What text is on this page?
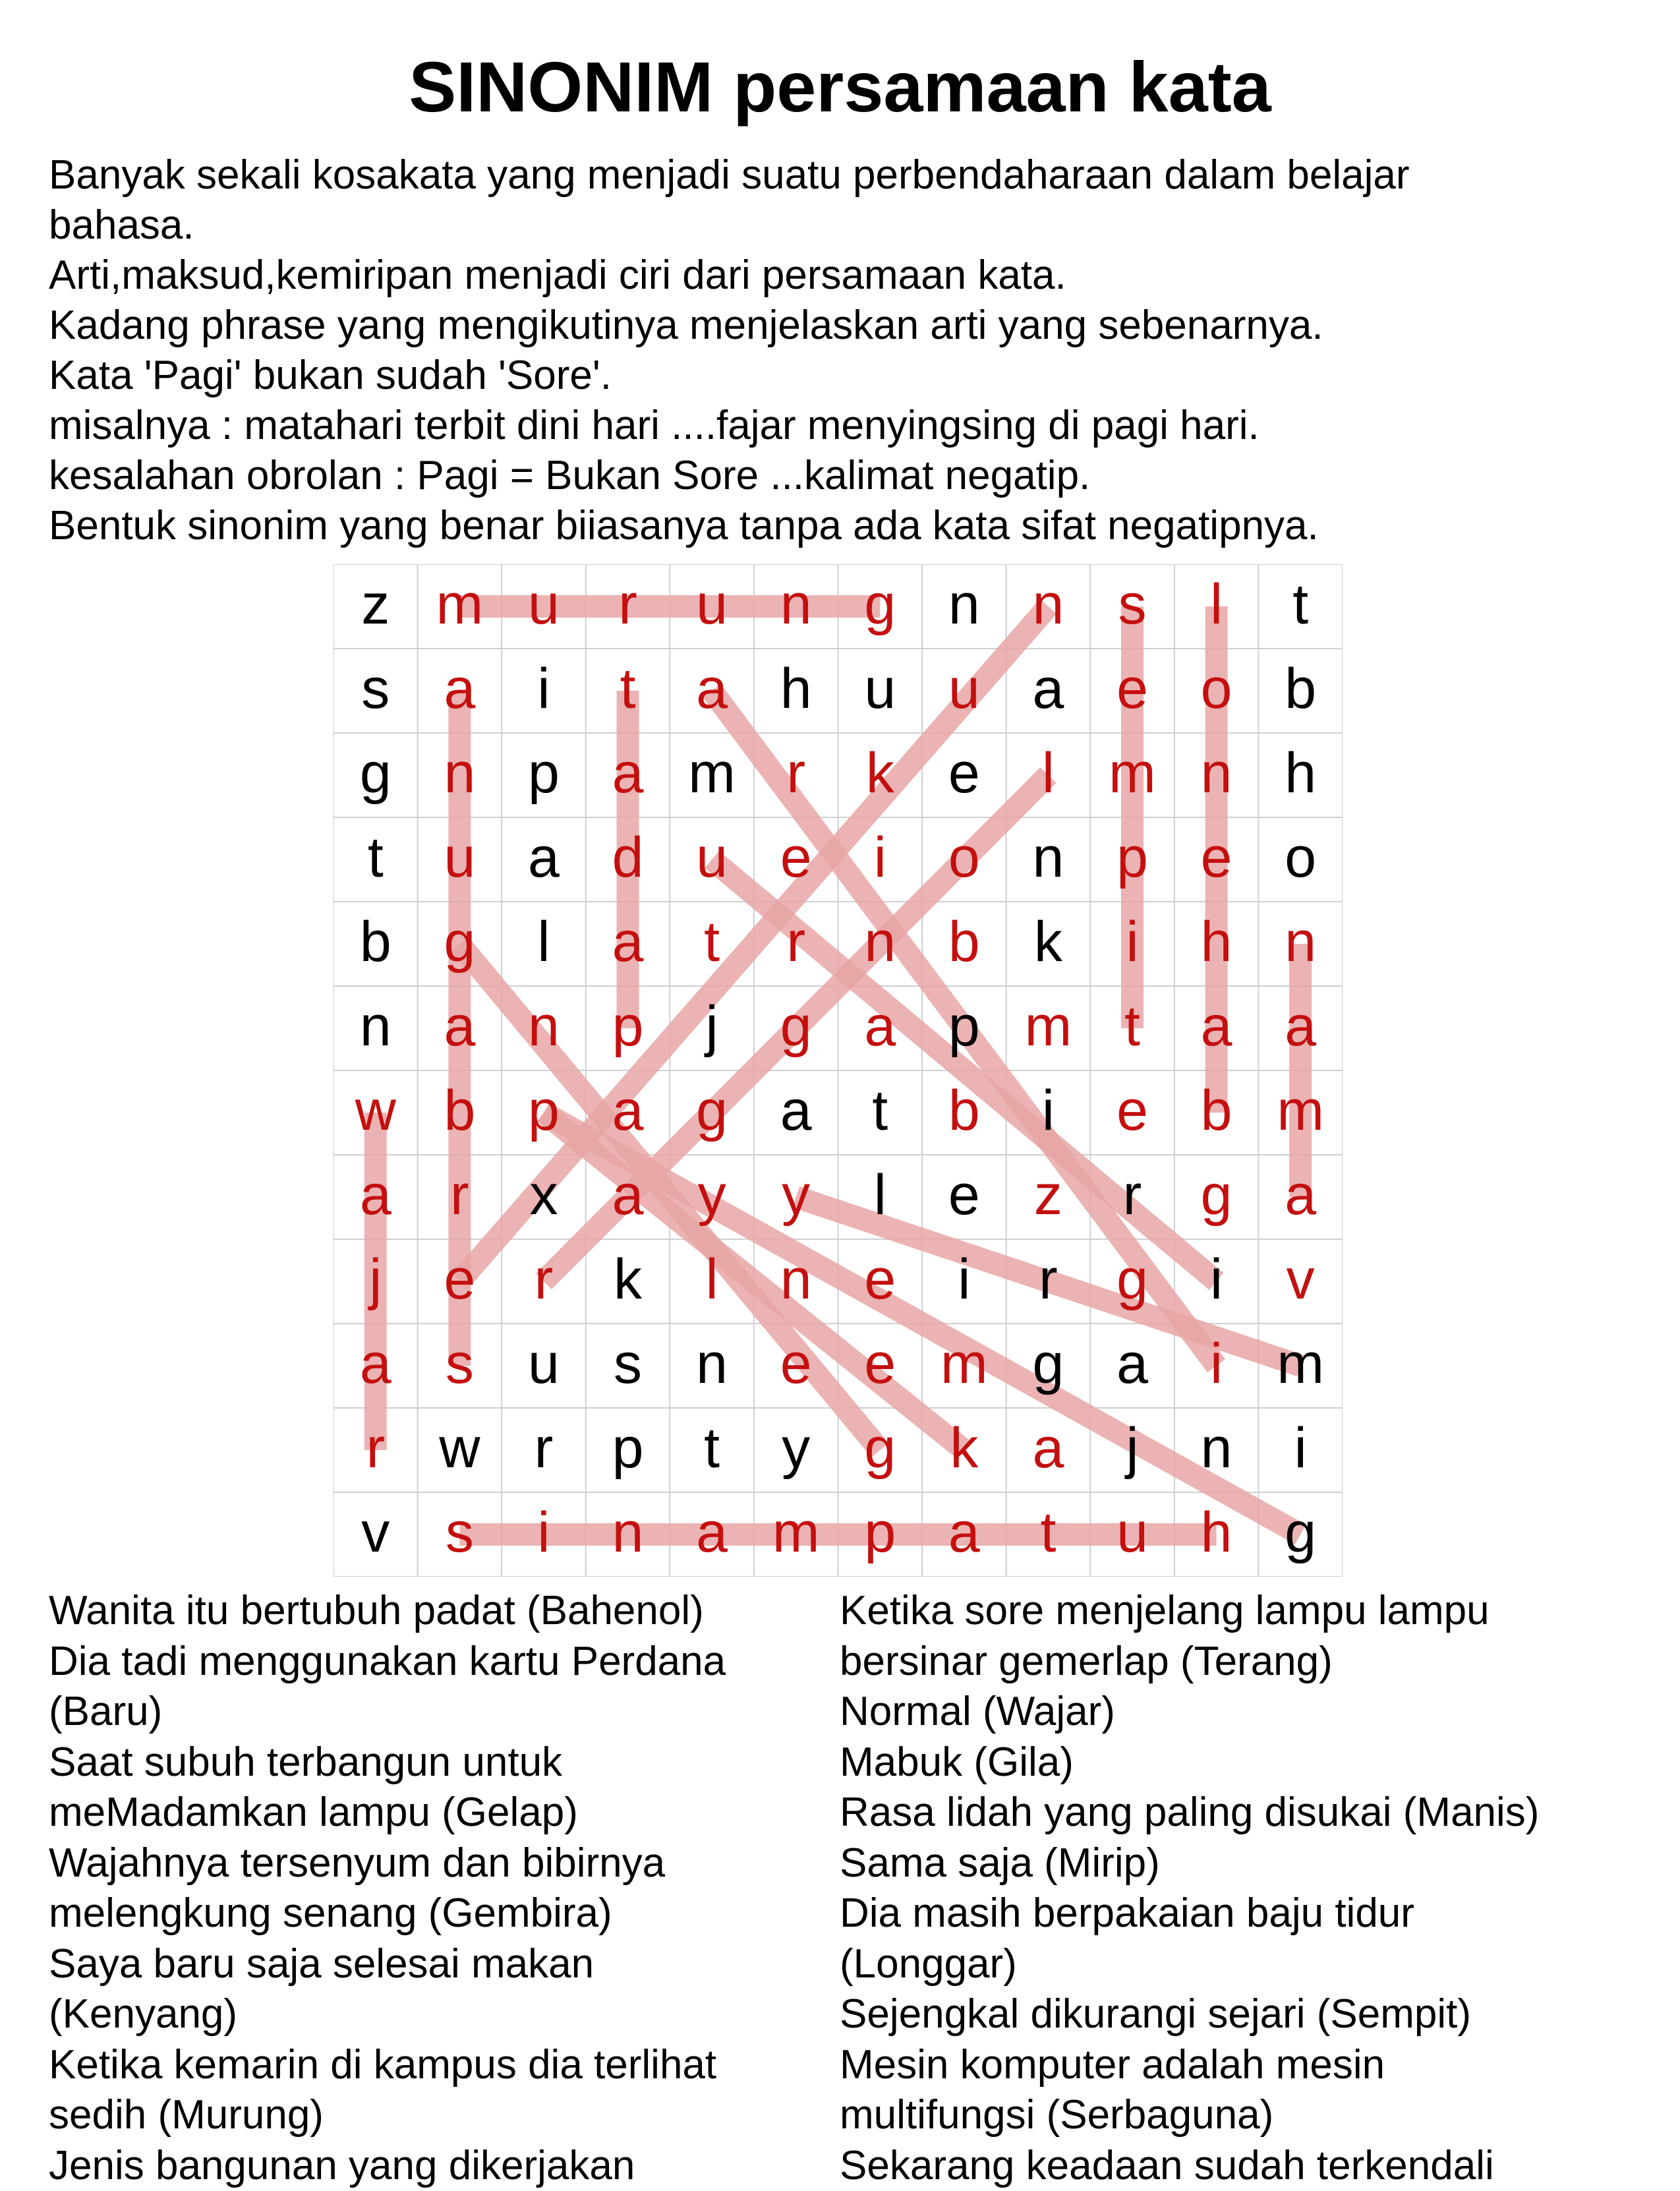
SINONIM persamaan kata
Banyak sekali kosakata yang menjadi suatu perbendaharaan dalam belajar
bahasa.
Arti,maksud,kemiripan menjadi ciri dari persamaan kata.
Kadang phrase yang mengikutinya menjelaskan arti yang sebenarnya.
Kata 'Pagi' bukan sudah 'Sore'.
misalnya : matahari terbit dini hari ....fajar menyingsing di pagi hari.
kesalahan obrolan : Pagi = Bukan Sore ...kalimat negatip.
Bentuk sinonim yang benar biiasanya tanpa ada kata sifat negatipnya.
z m u	r	u n g n n s	l	t
s a	i	t	a h u u a e o b
g n p a m r	k e	l m n h
t	u a d u e	i	o n p e o
b g	l	a	t	r	n b k	i	h n
n a n p	j	g a p m t	a a
w b p a g a	t	b	i	e b m
a	r	x a y y	l	e z	r	g a
j	e	r	k	l	n e	i	r	g	i	v
a s u s n e e m g a	i m
r w r	p	t	y g k a	j	n	i
v s	i	n a m p a	t	u h g
Wanita itu bertubuh padat (Bahenol)
Dia tadi menggunakan kartu Perdana
(Baru)
Saat subuh terbangun untuk
meMadamkan lampu (Gelap)
Wajahnya tersenyum dan bibirnya
melengkung senang (Gembira)
Saya baru saja selesai makan
(Kenyang)
Ketika kemarin di kampus dia terlihat
sedih (Murung)
Jenis bangunan yang dikerjakan
Ketika sore menjelang lampu lampu
bersinar gemerlap (Terang)
Normal (Wajar)
Mabuk (Gila)
Rasa lidah yang paling disukai (Manis)
Sama saja (Mirip)
Dia masih berpakaian baju tidur
(Longgar)
Sejengkal dikurangi sejari (Sempit)
Mesin komputer adalah mesin
multifungsi (Serbaguna)
Sekarang keadaan sudah terkendali
